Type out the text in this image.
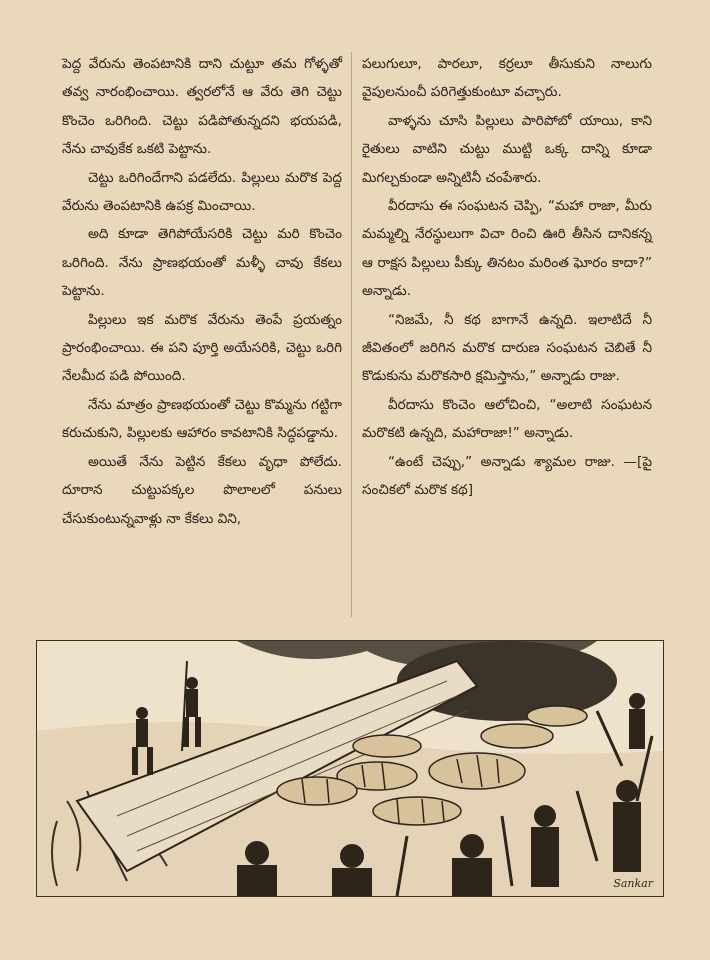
పెద్ద వేరును తెంపటానికి దాని చుట్టూ తమ గోళ్ళతో తవ్వ నారంభించాయి. త్వరలోనే ఆ వేరు తెగి చెట్టు కొంచెం ఒరిగింది. చెట్టు పడిపోతున్నదని భయపడి, నేను చావుకేక ఒకటి పెట్టాను.

చెట్టు ఒరిగిందేగాని పడలేదు. పిల్లులు మరొక పెద్ద వేరును తెంపటానికి ఉపక్ర మించాయి.

అది కూడా తెగిపోయేసరికి చెట్టు మరి కొంచెం ఒరిగింది. నేను ప్రాణభయంతో మళ్ళీ చావు కేకలు పెట్టాను.

పిల్లులు ఇక మరొక వేరును తెంపే ప్రయత్నం ప్రారంభించాయి. ఈ పని పూర్తి అయేసరికి, చెట్టు ఒరిగి నేలమీద పడి పోయింది.

నేను మాత్రం ప్రాణభయంతో చెట్టు కొమ్మను గట్టిగా కరుచుకుని, పిల్లులకు ఆహారం కావటానికి సిద్ధపడ్డాను.

అయితే నేను పెట్టిన కేకలు వృధా పోలేదు. దూరాన చుట్టుపక్కల పొలాలలో పనులు చేసుకుంటున్నవాళ్లు నా కేకలు విని,

పలుగులూ, పారలూ, కర్రలూ తీసుకుని నాలుగు వైపులనుంచీ పరిగెత్తుకుంటూ వచ్చారు.

వాళ్ళను చూసి పిల్లులు పారిపోబో యాయి, కాని రైతులు వాటిని చుట్టు ముట్టి ఒక్క దాన్ని కూడా మిగల్చకుండా అన్నిటినీ చంపేశారు.

వీరదాసు ఈ సంఘటన చెప్పి, “మహా రాజా, మీరు మమ్మల్ని నేరస్థులుగా విచా రించి ఊరి తీసిన దానికన్న ఆ రాక్షస పిల్లులు పీక్కు తినటం మరింత ఘోరం కాదా?” అన్నాడు.

“నిజమే, నీ కథ బాగానే ఉన్నది. ఇలాటిదే నీ జీవితంలో జరిగిన మరొక దారుణ సంఘటన చెబితే నీ కొడుకును మరొకసారి క్షమిస్తాను,” అన్నాడు రాజు.

వీరదాసు కొంచెం ఆలోచించి, “అలాటి సంఘటన మరొకటి ఉన్నది, మహారాజా!” అన్నాడు.

“ఉంటే చెప్పు,” అన్నాడు శ్యామల రాజు. —[పై సంచికలో మరొక కథ]

Sankar
